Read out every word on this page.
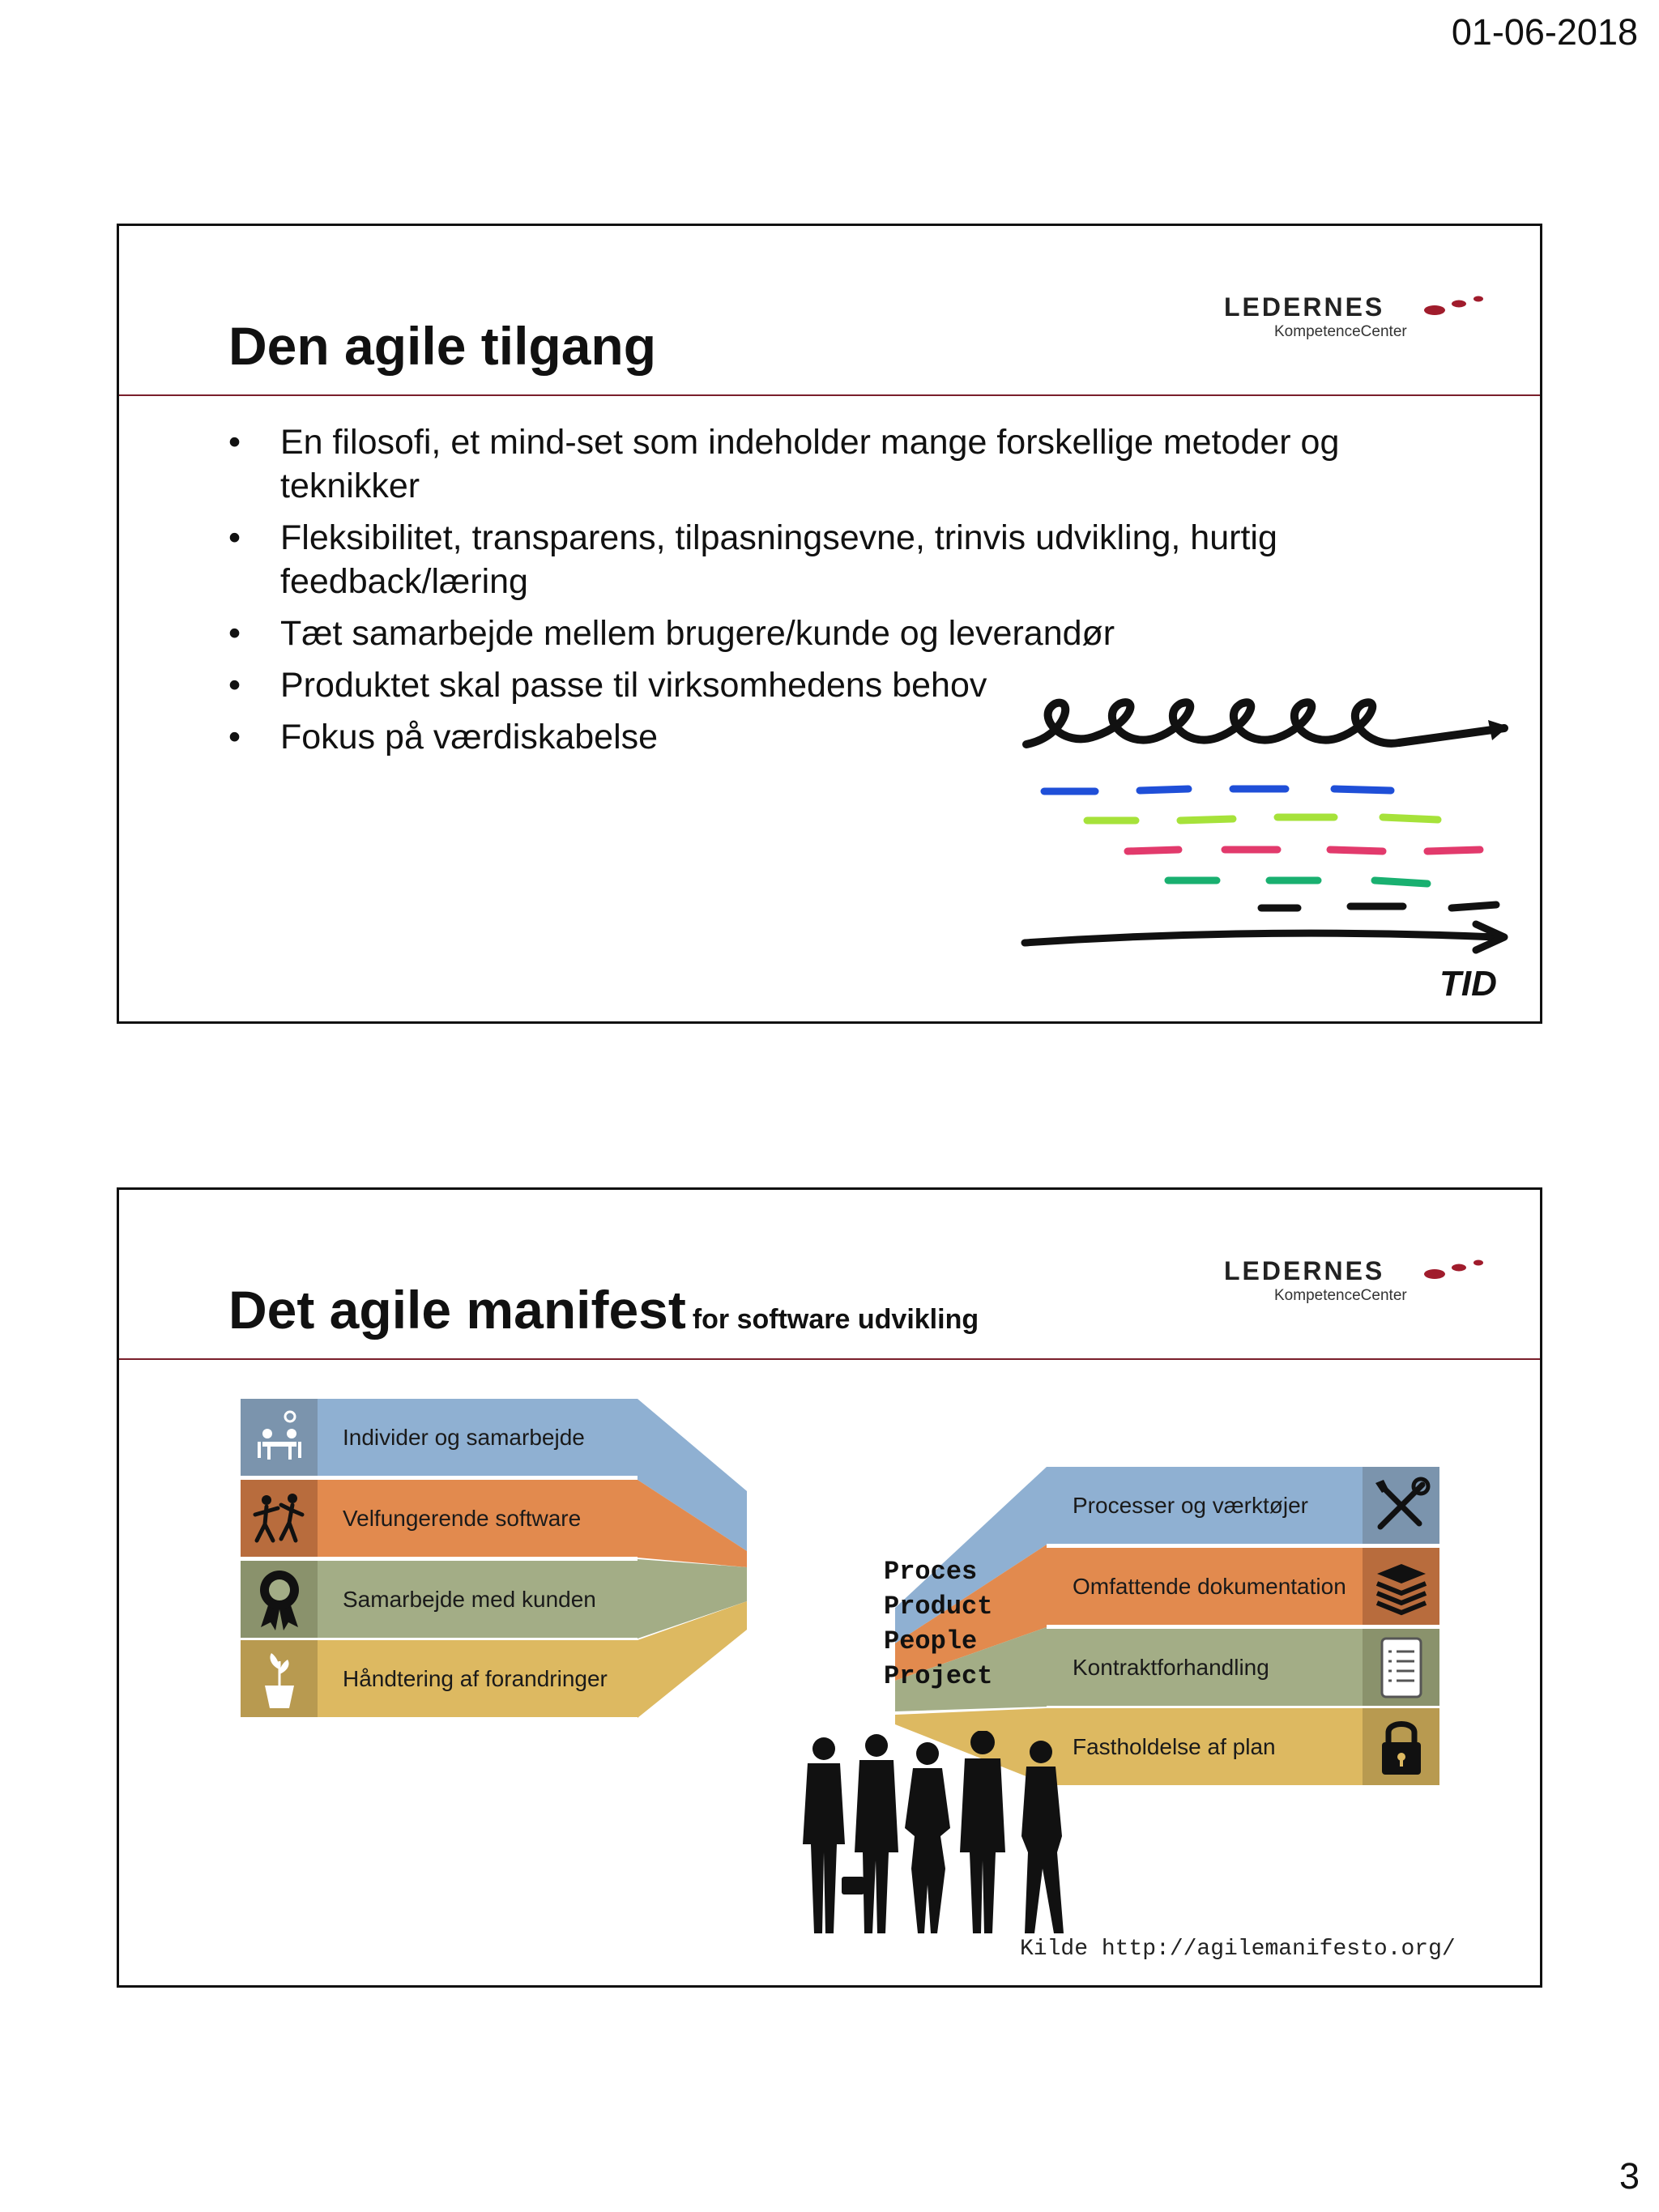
01-06-2018
Den agile tilgang
LEDERNES
KompetenceCenter
• En filosofi, et mind-set som indeholder mange forskellige metoder og teknikker
• Fleksibilitet, transparens, tilpasningsevne, trinvis udvikling, hurtig feedback/læring
• Tæt samarbejde mellem brugere/kunde og leverandør
• Produktet skal passe til virksomhedens behov
• Fokus på værdiskabelse
TID
Det agile manifest for software udvikling
LEDERNES
KompetenceCenter
Individer og samarbejde
Velfungerende software
Samarbejde med kunden
Håndtering af forandringer
Proces
Product
People
Project
Processer og værktøjer
Omfattende dokumentation
Kontraktforhandling
Fastholdelse af plan
Kilde http://agilemanifesto.org/
3
